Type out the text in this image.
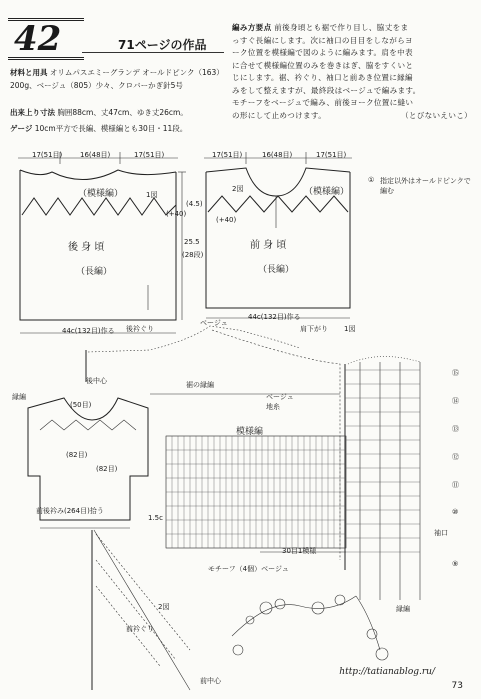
42	71ページの作品
材料と用具 オリムパスエミーグランデ オールドピンク（163）200g、ベージュ（805）少々、クロバーかぎ針5号
出来上り寸法 胸囲88cm、丈47cm、ゆき丈26cm。
ゲージ 10cm平方で長編、模様編とも30目・11段。
編み方要点 前後身頃とも裾で作り目し、脇丈をま
っすぐ長編にします。次に袖口の目目をしながらヨ
ーク位置を模様編で図のように編みます。肩を中表
に合せて模様編位置のみを巻きはぎ、脇をすくいと
じにします。裾、衿ぐり、袖口と前あき位置に縁編
みをして整えますが、最終段はベージュで編みます。
モチーフをベージュで編み、前後ヨーク位置に縫い
の形にして止めつけます。	（とびないえいこ）
17(51目)	16(48目)	17(51目)
（模様編）	1図
後 身 頃
（長編）
44c(132目)作る
(+40)
(4.5)
25.5
(28段)
17(51目)	16(48目)	17(51目)
2図	（模様編）
前 身 頃
（長編）
44c(132目)作る
(+40)
① 指定以外はオールドピンクで編む
後衿ぐり
ベージュ
肩下がり 1図
後中心	裾の縁編
ベージュ
地糸
模様編
30目1模様
袖口
縁編
モチーフ（4個）ベージュ
前衿ぐり
前中心
2図
縁編
(50目)
(82目)
(82目)
前後衿み(264目)拾う
1.5c
⑮
⑭
⑬
⑫
⑪
⑩
⑨
http://tatianablog.ru/
73
